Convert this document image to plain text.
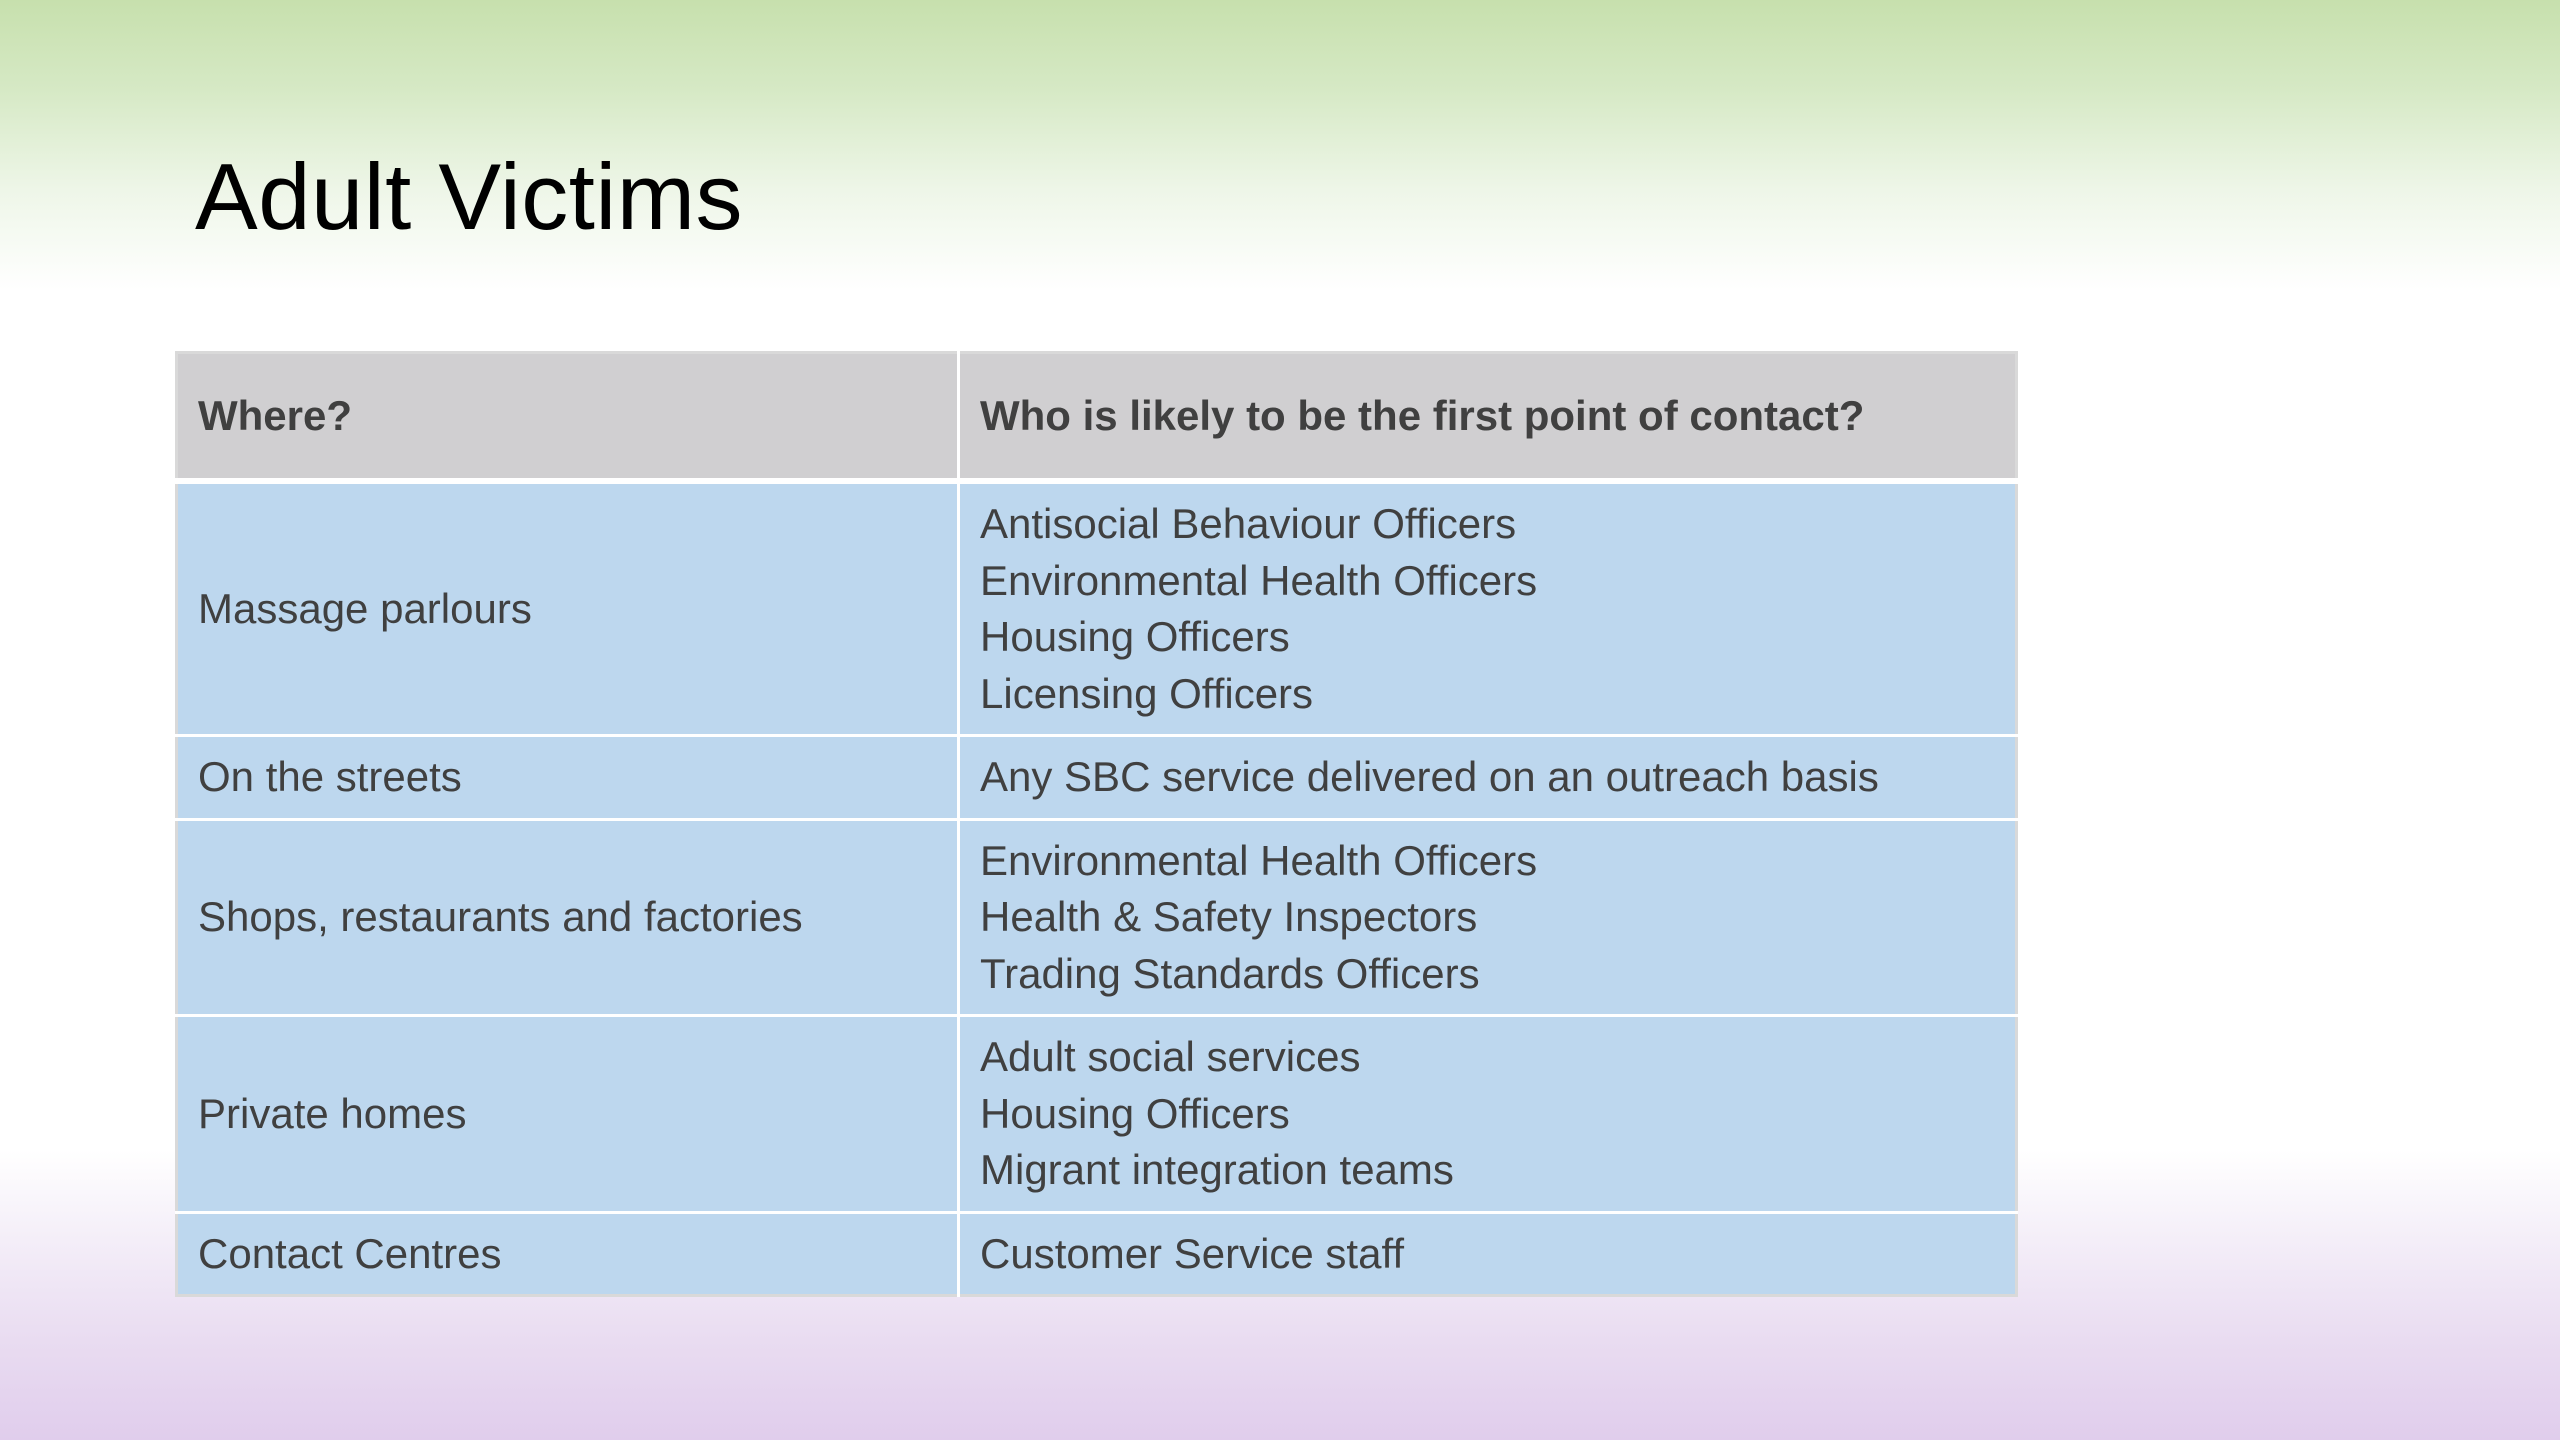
Adult Victims
Where?	Who is likely to be the first point of contact?
Massage parlours	Antisocial Behaviour Officers
Environmental Health Officers
Housing Officers
Licensing Officers

On the streets	Any SBC service delivered on an outreach basis

Shops, restaurants and factories	Environmental Health Officers
Health & Safety Inspectors
Trading Standards Officers

Private homes	Adult social services
Housing Officers
Migrant integration teams

Contact Centres	Customer Service staff
